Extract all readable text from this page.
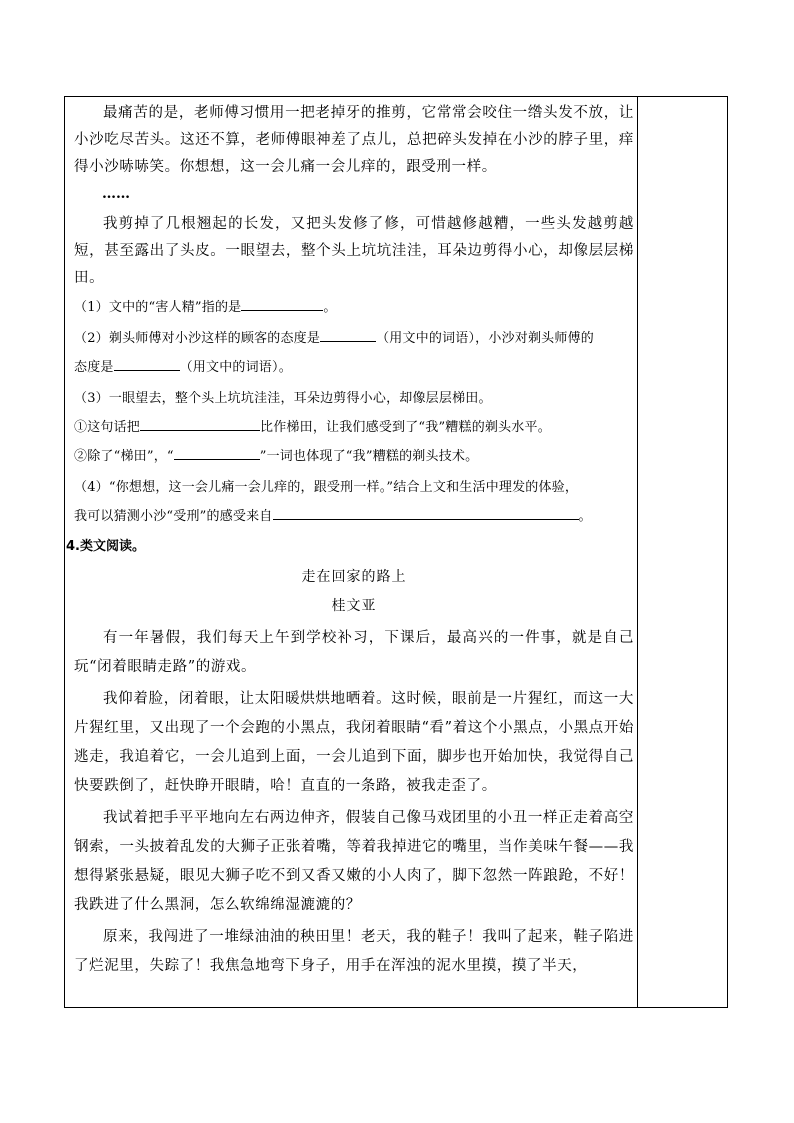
最痛苦的是，老师傅习惯用一把老掉牙的推剪，它常常会咬住一绺头发不放，让小沙吃尽苦头。这还不算，老师傅眼神差了点儿，总把碎头发掉在小沙的脖子里，痒得小沙哧哧笑。你想想，这一会儿痛一会儿痒的，跟受刑一样。

……

我剪掉了几根翘起的长发，又把头发修了修，可惜越修越糟，一些头发越剪越短，甚至露出了头皮。一眼望去，整个头上坑坑洼洼，耳朵边剪得小心，却像层层梯田。

（1）文中的“害人精”指的是	。

（2）剃头师傅对小沙这样的顾客的态度是	（用文中的词语），小沙对剃头师傅的

态度是	（用文中的词语）。

（3）一眼望去，整个头上坑坑洼洼，耳朵边剪得小心，却像层层梯田。

①这句话把	比作梯田，让我们感受到了“我”糟糕的剃头水平。

②除了“梯田”，“	”一词也体现了“我”糟糕的剃头技术。

（4）“你想想，这一会儿痛一会儿痒的，跟受刑一样。”结合上文和生活中理发的体验，

我可以猜测小沙“受刑”的感受来自	。

4.类文阅读。

走在回家的路上

桂文亚

有一年暑假，我们每天上午到学校补习，下课后，最高兴的一件事，就是自己玩“闭着眼睛走路”的游戏。

我仰着脸，闭着眼，让太阳暖烘烘地晒着。这时候，眼前是一片猩红，而这一大片猩红里，又出现了一个会跑的小黑点，我闭着眼睛“看”着这个小黑点，小黑点开始逃走，我追着它，一会儿追到上面，一会儿追到下面，脚步也开始加快，我觉得自己快要跌倒了，赶快睁开眼睛，哈！直直的一条路，被我走歪了。

我试着把手平平地向左右两边伸齐，假装自己像马戏团里的小丑一样正走着高空钢索，一头披着乱发的大狮子正张着嘴，等着我掉进它的嘴里，当作美味午餐——我想得紧张悬疑，眼见大狮子吃不到又香又嫩的小人肉了，脚下忽然一阵踉跄，不好！我跌进了什么黑洞，怎么软绵绵湿漉漉的？

原来，我闯进了一堆绿油油的秧田里！老天，我的鞋子！我叫了起来，鞋子陷进了烂泥里，失踪了！我焦急地弯下身子，用手在浑浊的泥水里摸，摸了半天，
